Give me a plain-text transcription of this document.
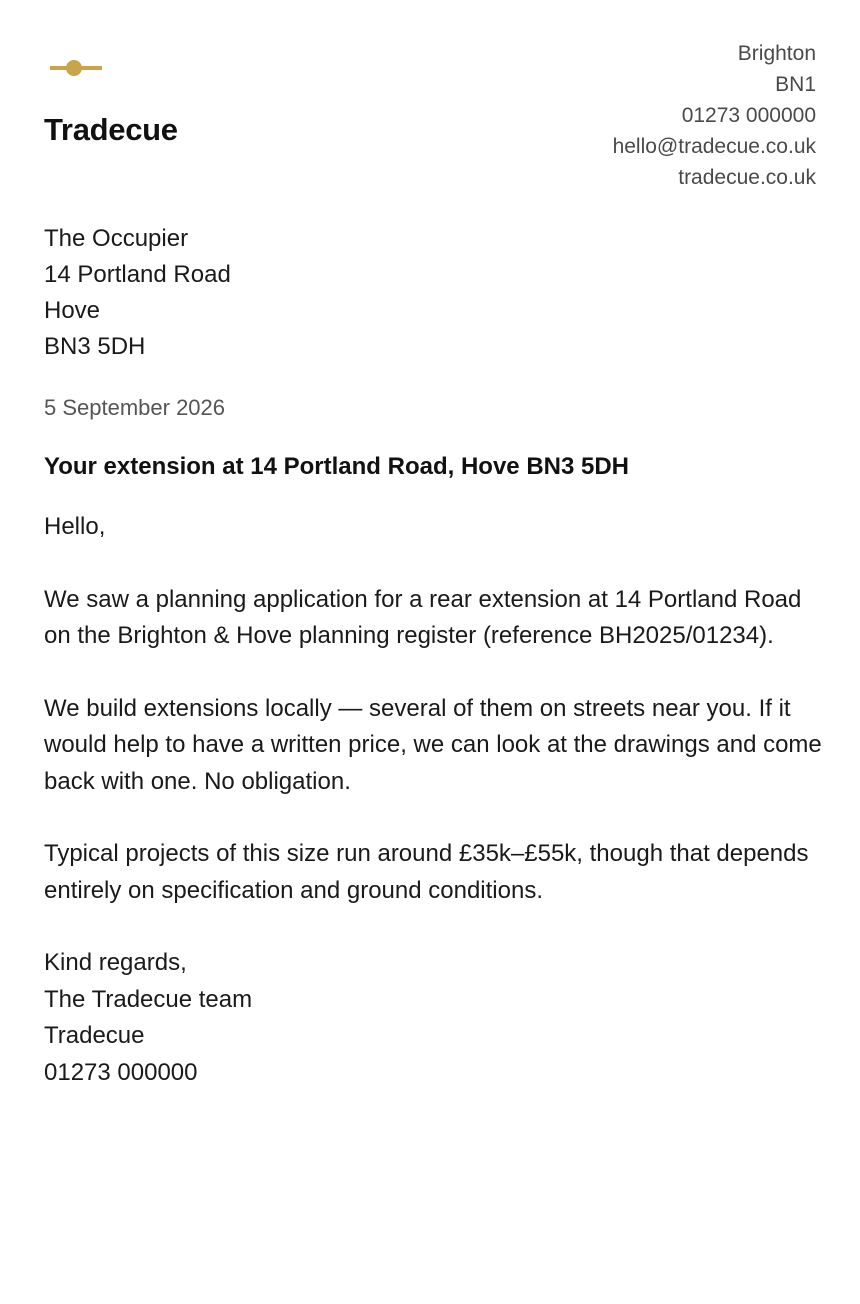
Tradecue
Brighton
BN1
01273 000000
hello@tradecue.co.uk
tradecue.co.uk
The Occupier
14 Portland Road
Hove
BN3 5DH
5 September 2026
Your extension at 14 Portland Road, Hove BN3 5DH

Hello,

We saw a planning application for a rear extension at 14 Portland Road on the Brighton & Hove planning register (reference BH2025/01234).

We build extensions locally — several of them on streets near you. If it would help to have a written price, we can look at the drawings and come back with one. No obligation.

Typical projects of this size run around £35k–£55k, though that depends entirely on specification and ground conditions.

Kind regards,
The Tradecue team
Tradecue
01273 000000
